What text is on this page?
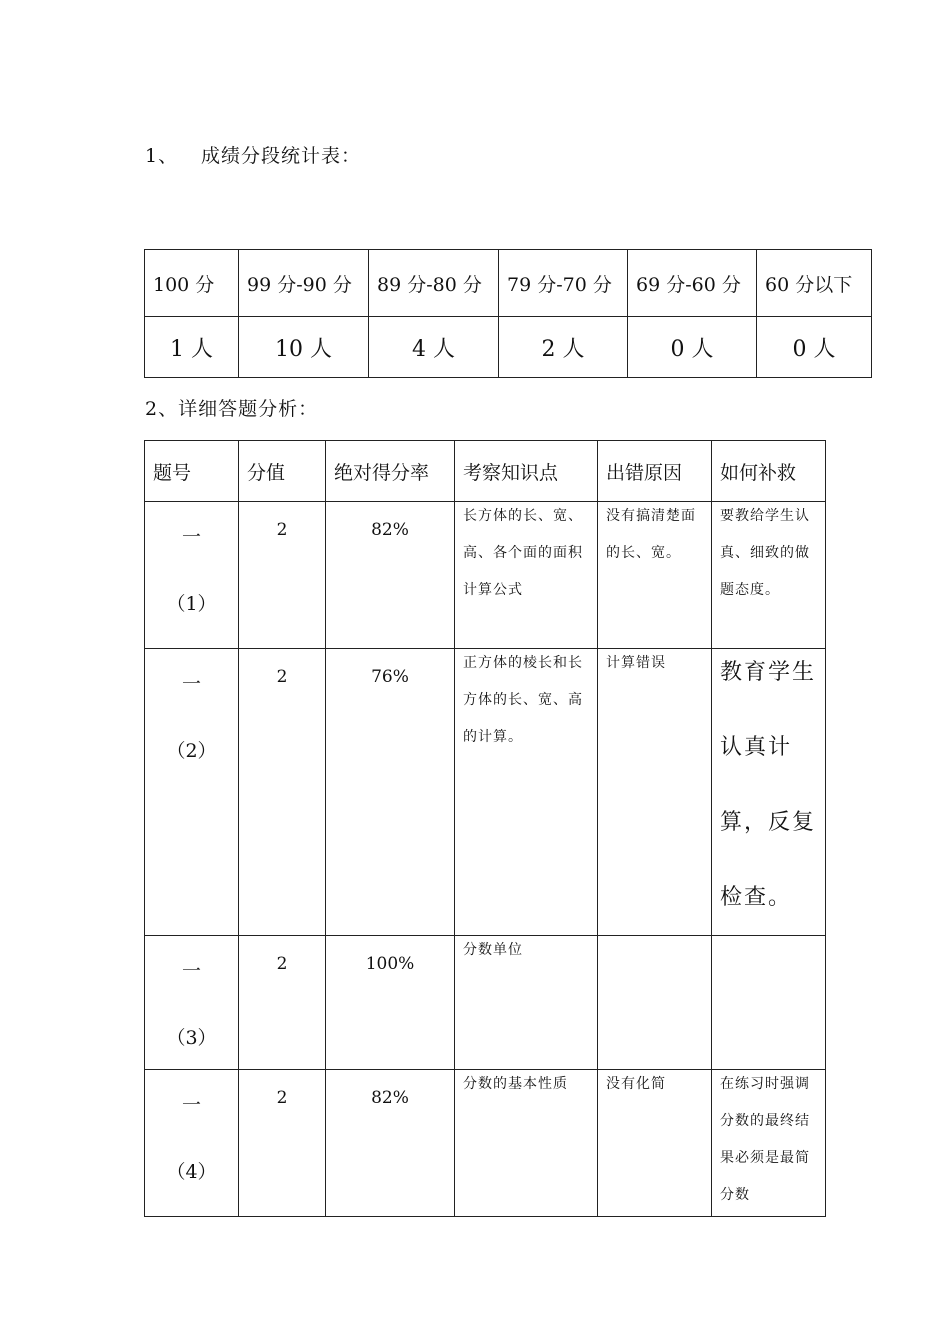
1、 成绩分段统计表：
100 分	99 分-90 分	89 分-80 分	79 分-70 分	69 分-60 分	60 分以下
1 人	10 人	4 人	2 人	0 人	0 人
2、详细答题分析：
题号	分值	绝对得分率	考察知识点	出错原因	如何补救

一
（1）	2	82%	长方体的长、宽、高、各个面的面积计算公式	没有搞清楚面的长、宽。	要教给学生认真、细致的做题态度。

一
（2）	2	76%	正方体的棱长和长方体的长、宽、高的计算。	计算错误	教育学生认真计算，反复检查。

一
（3）	2	100%	分数单位		

一
（4）	2	82%	分数的基本性质	没有化简	在练习时强调分数的最终结果必须是最简分数
